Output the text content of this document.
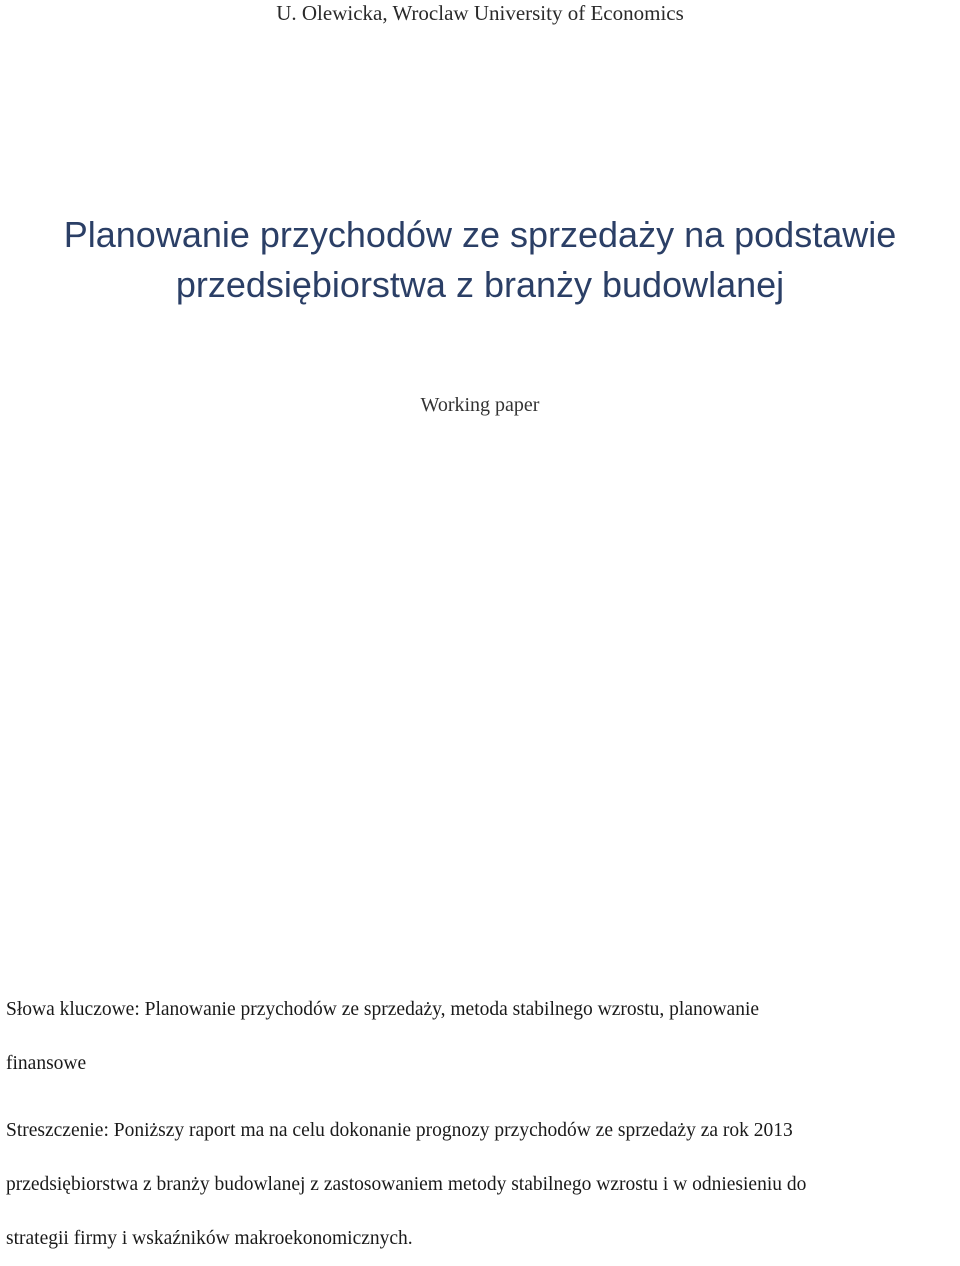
U. Olewicka, Wroclaw University of Economics
Planowanie przychodów ze sprzedaży na podstawie
przedsiębiorstwa z branży budowlanej
Working paper
Słowa kluczowe: Planowanie przychodów ze sprzedaży, metoda stabilnego wzrostu, planowanie
finansowe
Streszczenie: Poniższy raport ma na celu dokonanie prognozy przychodów ze sprzedaży za rok 2013
przedsiębiorstwa z branży budowlanej z zastosowaniem metody stabilnego wzrostu i w odniesieniu do
strategii firmy i wskaźników makroekonomicznych.
